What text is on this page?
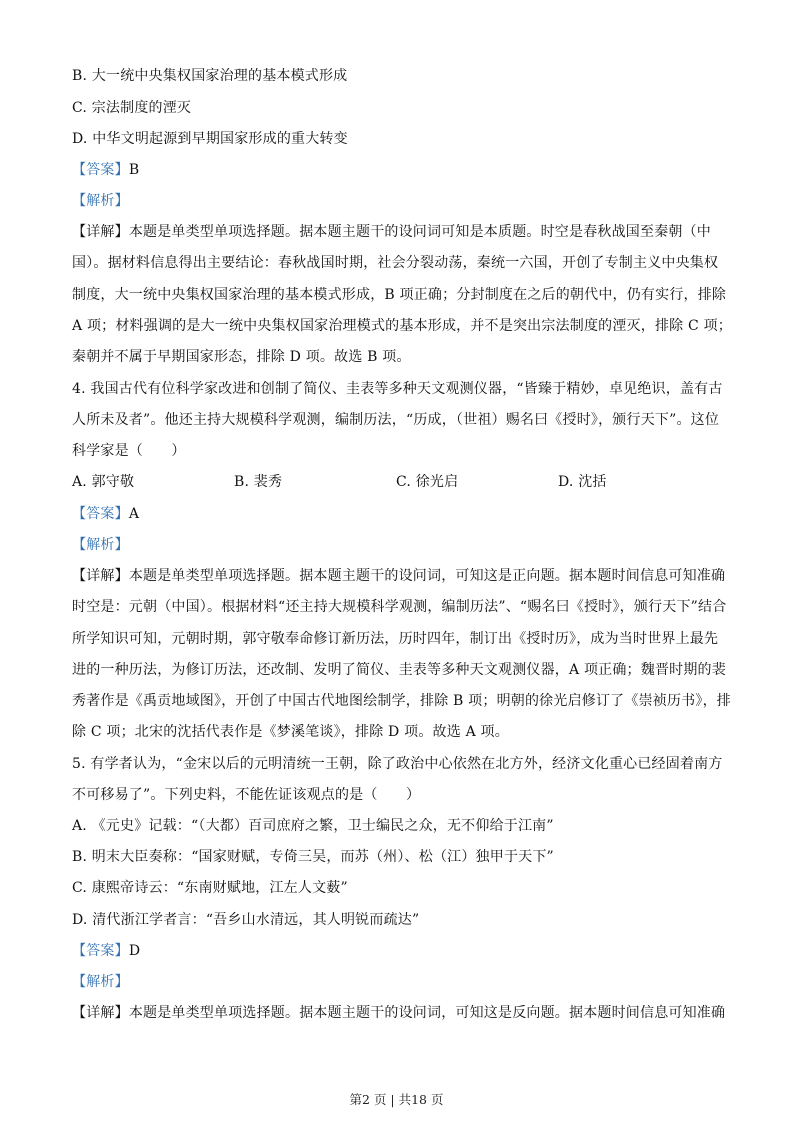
B. 大一统中央集权国家治理的基本模式形成
C. 宗法制度的湮灭
D. 中华文明起源到早期国家形成的重大转变
【答案】B
【解析】
【详解】本题是单类型单项选择题。据本题主题干的设问词可知是本质题。时空是春秋战国至秦朝（中
国）。据材料信息得出主要结论：春秋战国时期，社会分裂动荡，秦统一六国，开创了专制主义中央集权
制度，大一统中央集权国家治理的基本模式形成，B 项正确；分封制度在之后的朝代中，仍有实行，排除
A 项；材料强调的是大一统中央集权国家治理模式的基本形成，并不是突出宗法制度的湮灭，排除 C 项；
秦朝并不属于早期国家形态，排除 D 项。故选 B 项。
4. 我国古代有位科学家改进和创制了简仪、圭表等多种天文观测仪器，“皆臻于精妙，卓见绝识，盖有古
人所未及者”。他还主持大规模科学观测，编制历法，“历成，（世祖）赐名曰《授时》，颁行天下”。这位
科学家是（　　）
A. 郭守敬	B. 裴秀	C. 徐光启	D. 沈括
【答案】A
【解析】
【详解】本题是单类型单项选择题。据本题主题干的设问词，可知这是正向题。据本题时间信息可知准确
时空是：元朝（中国）。根据材料“还主持大规模科学观测，编制历法”、“赐名曰《授时》，颁行天下”结合
所学知识可知，元朝时期，郭守敬奉命修订新历法，历时四年，制订出《授时历》，成为当时世界上最先
进的一种历法，为修订历法，还改制、发明了简仪、圭表等多种天文观测仪器，A 项正确；魏晋时期的裴
秀著作是《禹贡地域图》，开创了中国古代地图绘制学，排除 B 项；明朝的徐光启修订了《崇祯历书》，排
除 C 项；北宋的沈括代表作是《梦溪笔谈》，排除 D 项。故选 A 项。
5. 有学者认为，“金宋以后的元明清统一王朝，除了政治中心依然在北方外，经济文化重心已经固着南方
不可移易了”。下列史料，不能佐证该观点的是（　　）
A. 《元史》记载：“（大都）百司庶府之繁，卫士编民之众，无不仰给于江南”
B. 明末大臣奏称：“国家财赋，专倚三吴，而苏（州）、松（江）独甲于天下”
C. 康熙帝诗云：“东南财赋地，江左人文薮”
D. 清代浙江学者言：“吾乡山水清远，其人明锐而疏达”
【答案】D
【解析】
【详解】本题是单类型单项选择题。据本题主题干的设问词，可知这是反向题。据本题时间信息可知准确
第2 页 | 共18 页
